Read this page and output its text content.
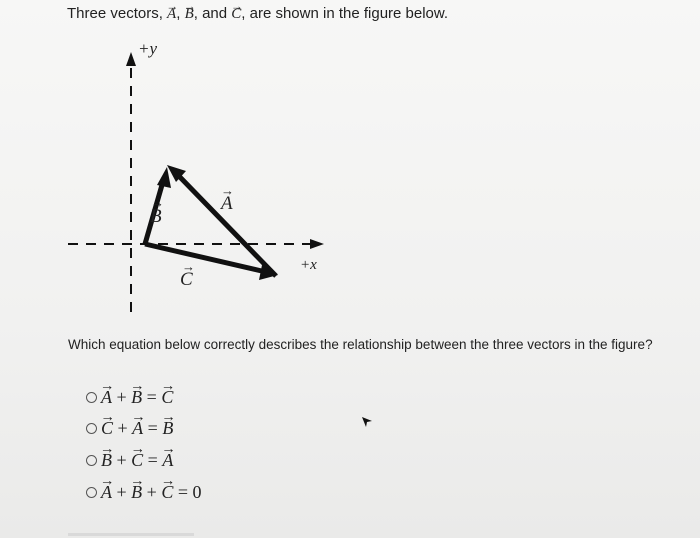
Three vectors, → A, → B, and → C, are shown in the figure below.
+y
+x
A
→
B
→
C
→
Which equation below correctly describes the relationship between the three vectors in the figure?
→ A + → B = → C
→ C + → A = → B
→ B + → C = → A
→ A + → B + → C = 0
